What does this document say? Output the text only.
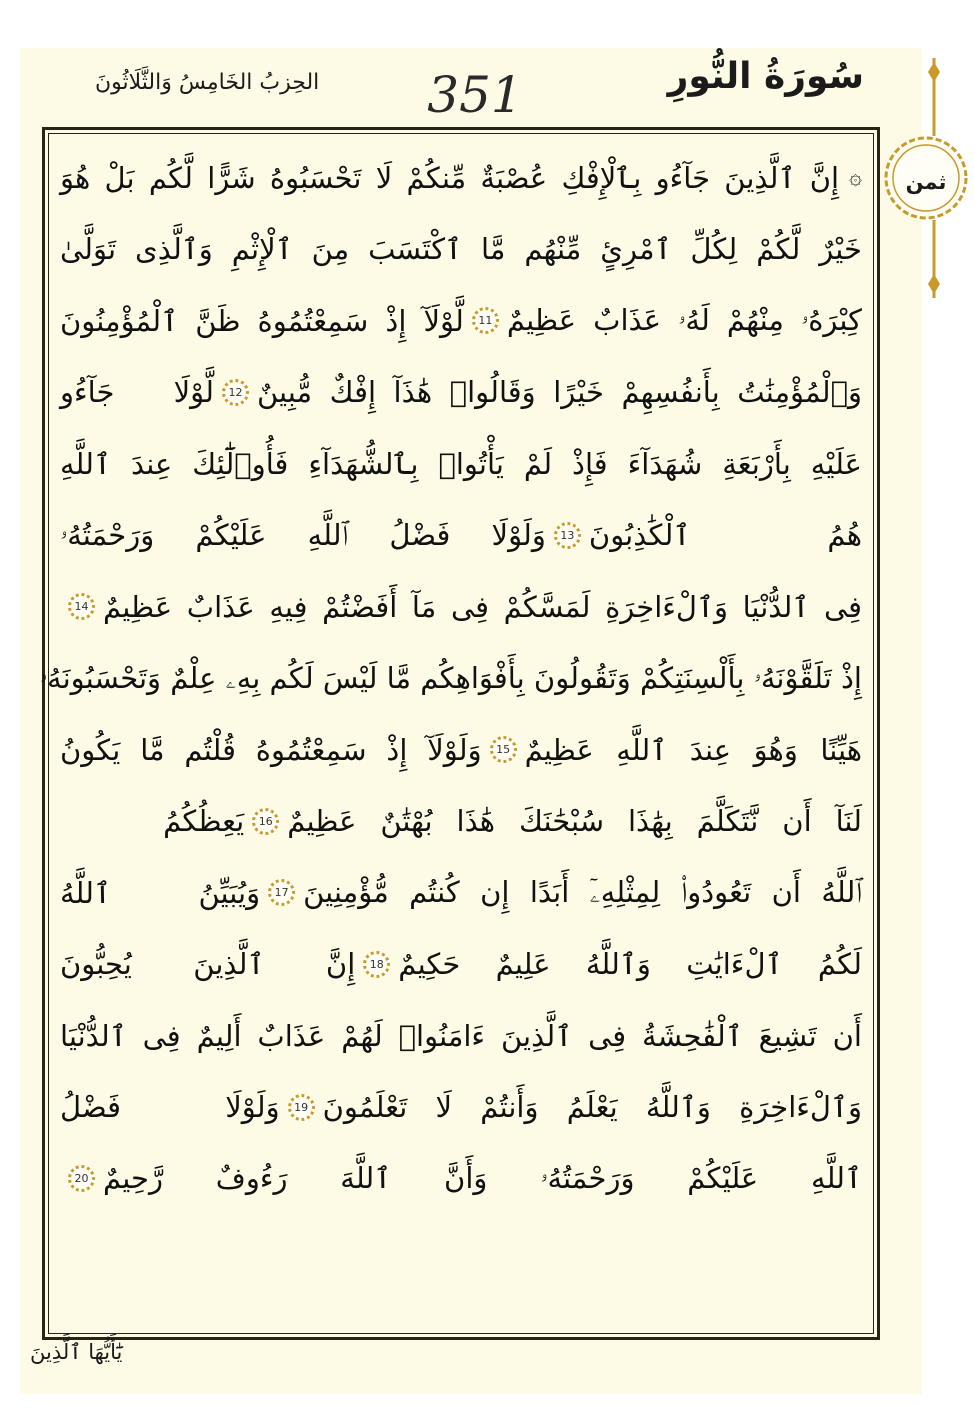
سُورَةُ النُّورِ
351
الحِزبُ الخَامِسُ وَالثَّلَاثُونَ
ثمن
۞
إِنَّ ٱلَّذِينَ جَآءُو بِٱلْإِفْكِ عُصْبَةٌ مِّنكُمْ لَا تَحْسَبُوهُ شَرًّا لَّكُم بَلْ هُوَ
خَيْرٌ لَّكُمْ لِكُلِّ ٱمْرِئٍ مِّنْهُم مَّا ٱكْتَسَبَ مِنَ ٱلْإِثْمِ وَٱلَّذِى تَوَلَّىٰ
كِبْرَهُۥ مِنْهُمْ لَهُۥ عَذَابٌ عَظِيمٌ
11
لَّوْلَآ إِذْ سَمِعْتُمُوهُ ظَنَّ ٱلْمُؤْمِنُونَ
وَٱلْمُؤْمِنَٰتُ بِأَنفُسِهِمْ خَيْرًا وَقَالُوا۟ هَٰذَآ إِفْكٌ مُّبِينٌ
12
لَّوْلَا جَآءُو
عَلَيْهِ بِأَرْبَعَةِ شُهَدَآءَ فَإِذْ لَمْ يَأْتُوا۟ بِٱلشُّهَدَآءِ فَأُو۟لَٰٓئِكَ عِندَ ٱللَّهِ
هُمُ ٱلْكَٰذِبُونَ
13
وَلَوْلَا فَضْلُ ٱللَّهِ عَلَيْكُمْ وَرَحْمَتُهُۥ
فِى ٱلدُّنْيَا وَٱلْءَاخِرَةِ لَمَسَّكُمْ فِى مَآ أَفَضْتُمْ فِيهِ عَذَابٌ عَظِيمٌ
14
إِذْ تَلَقَّوْنَهُۥ بِأَلْسِنَتِكُمْ وَتَقُولُونَ بِأَفْوَاهِكُم مَّا لَيْسَ لَكُم بِهِۦ عِلْمٌ وَتَحْسَبُونَهُۥ
هَيِّنًا وَهُوَ عِندَ ٱللَّهِ عَظِيمٌ
15
وَلَوْلَآ إِذْ سَمِعْتُمُوهُ قُلْتُم مَّا يَكُونُ
لَنَآ أَن نَّتَكَلَّمَ بِهَٰذَا سُبْحَٰنَكَ هَٰذَا بُهْتَٰنٌ عَظِيمٌ
16
يَعِظُكُمُ
ٱللَّهُ أَن تَعُودُوا۟ لِمِثْلِهِۦٓ أَبَدًا إِن كُنتُم مُّؤْمِنِينَ
17
وَيُبَيِّنُ ٱللَّهُ
لَكُمُ ٱلْءَايَٰتِ وَٱللَّهُ عَلِيمٌ حَكِيمٌ
18
إِنَّ ٱلَّذِينَ يُحِبُّونَ
أَن تَشِيعَ ٱلْفَٰحِشَةُ فِى ٱلَّذِينَ ءَامَنُوا۟ لَهُمْ عَذَابٌ أَلِيمٌ فِى ٱلدُّنْيَا
وَٱلْءَاخِرَةِ وَٱللَّهُ يَعْلَمُ وَأَنتُمْ لَا تَعْلَمُونَ
19
وَلَوْلَا فَضْلُ
ٱللَّهِ عَلَيْكُمْ وَرَحْمَتُهُۥ وَأَنَّ ٱللَّهَ رَءُوفٌ رَّحِيمٌ
20
يَٰٓأَيُّهَا ٱلَّذِينَ
